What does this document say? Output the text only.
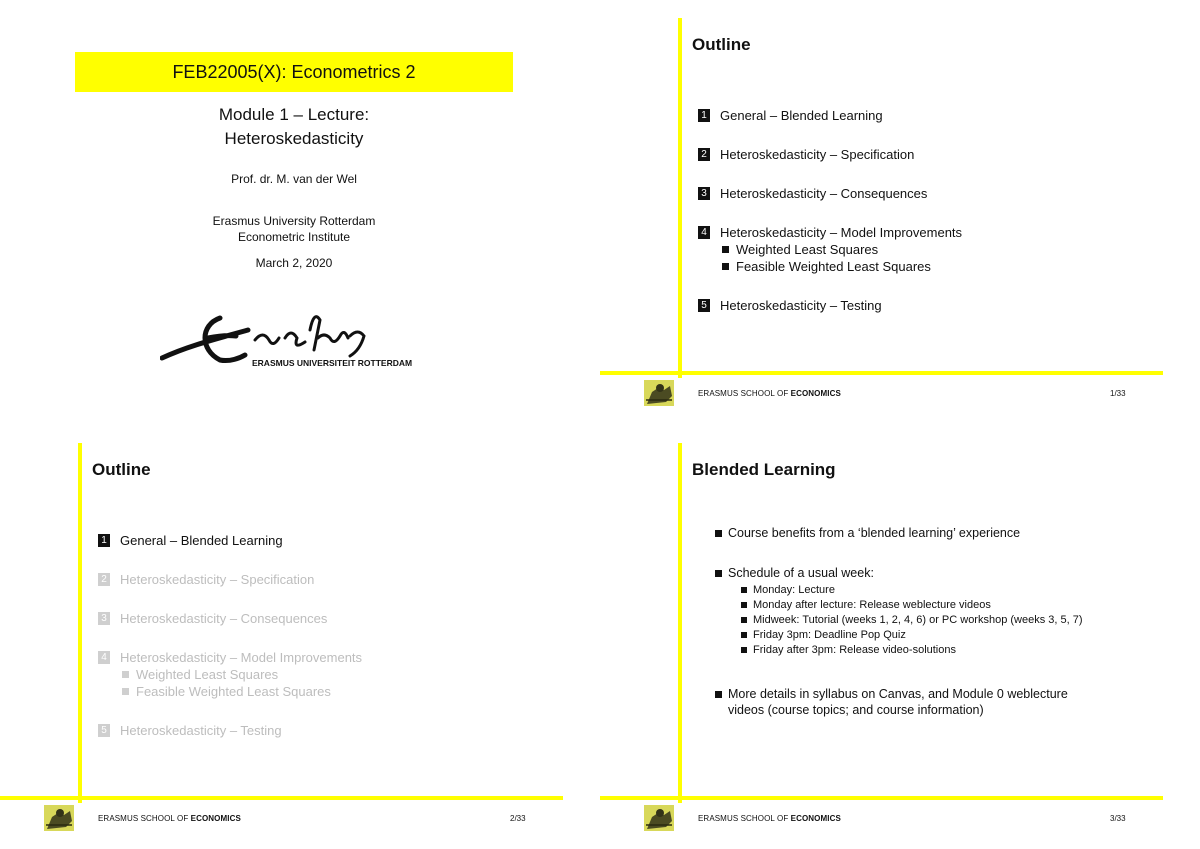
FEB22005(X): Econometrics 2
Module 1 – Lecture:
Heteroskedasticity
Prof. dr. M. van der Wel
Erasmus University Rotterdam
Econometric Institute
March 2, 2020
ERASMUS UNIVERSITEIT ROTTERDAM
Outline
1 General – Blended Learning
2 Heteroskedasticity – Specification
3 Heteroskedasticity – Consequences
4 Heteroskedasticity – Model Improvements
Weighted Least Squares
Feasible Weighted Least Squares
5 Heteroskedasticity – Testing
ERASMUS SCHOOL OF ECONOMICS	1/33
Outline
1 General – Blended Learning
2 Heteroskedasticity – Specification
3 Heteroskedasticity – Consequences
4 Heteroskedasticity – Model Improvements
Weighted Least Squares
Feasible Weighted Least Squares
5 Heteroskedasticity – Testing
ERASMUS SCHOOL OF ECONOMICS	2/33
Blended Learning
Course benefits from a ‘blended learning’ experience
Schedule of a usual week:
Monday: Lecture
Monday after lecture: Release weblecture videos
Midweek: Tutorial (weeks 1, 2, 4, 6) or PC workshop (weeks 3, 5, 7)
Friday 3pm: Deadline Pop Quiz
Friday after 3pm: Release video-solutions
More details in syllabus on Canvas, and Module 0 weblecture
videos (course topics; and course information)
ERASMUS SCHOOL OF ECONOMICS	3/33
